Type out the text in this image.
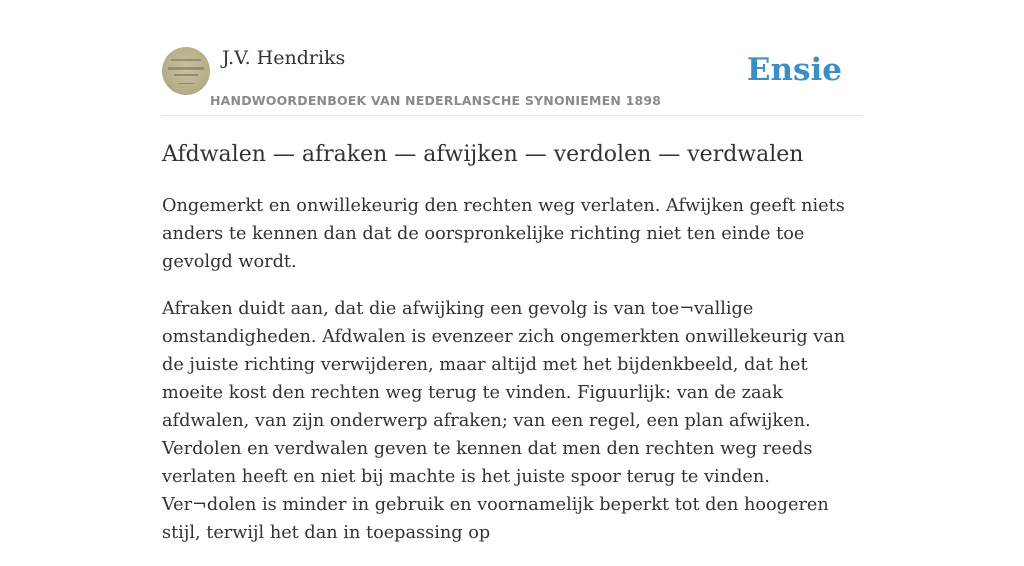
J.V. Hendriks
HANDWOORDENBOEK VAN NEDERLANSCHE SYNONIEMEN 1898
Ensie
Afdwalen — afraken — afwijken — verdolen — verdwalen

Ongemerkt en onwillekeurig den rechten weg verlaten. Afwijken geeft niets anders te kennen dan dat de oorspronkelijke richting niet ten einde toe gevolgd wordt.

Afraken duidt aan, dat die afwijking een gevolg is van toe¬vallige omstandigheden. Afdwalen is evenzeer zich ongemerkten onwillekeurig van de juiste richting verwijderen, maar altijd met het bijdenkbeeld, dat het moeite kost den rechten weg terug te vinden. Figuurlijk: van de zaak afdwalen, van zijn onderwerp afraken; van een regel, een plan afwijken. Verdolen en verdwalen geven te kennen dat men den rechten weg reeds verlaten heeft en niet bij machte is het juiste spoor terug te vinden. Ver¬dolen is minder in gebruik en voornamelijk beperkt tot den hoogeren stijl, terwijl het dan in toepassing op
